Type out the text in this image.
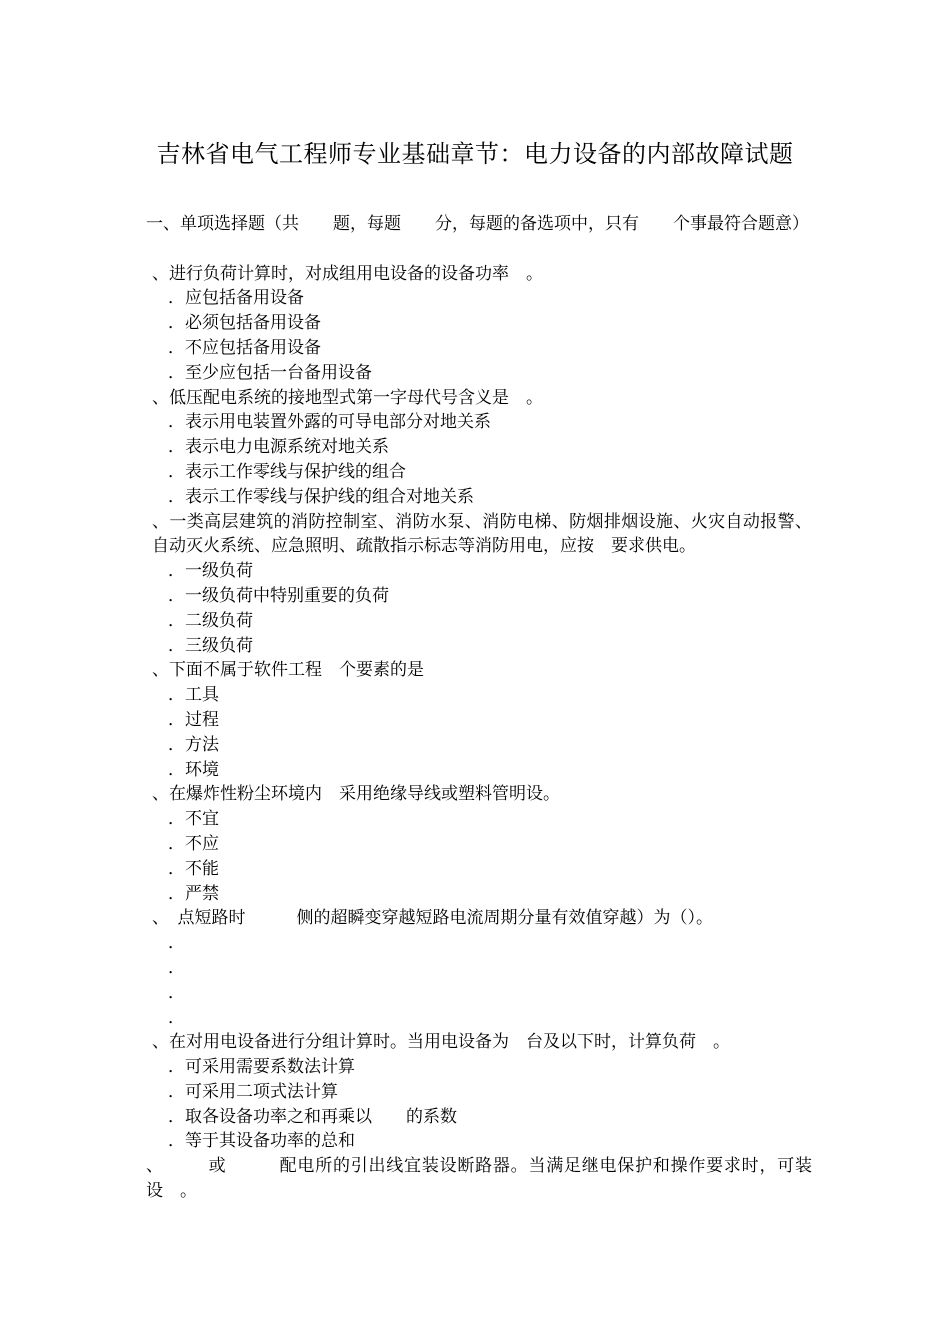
吉林省电气工程师专业基础章节：电力设备的内部故障试题
一、单项选择题（共　　题，每题　　分，每题的备选项中，只有　　个事最符合题意）
、进行负荷计算时，对成组用电设备的设备功率　。
．应包括备用设备
．必须包括备用设备
．不应包括备用设备
．至少应包括一台备用设备
、低压配电系统的接地型式第一字母代号含义是　。
．表示用电装置外露的可导电部分对地关系
．表示电力电源系统对地关系
．表示工作零线与保护线的组合
．表示工作零线与保护线的组合对地关系
、一类高层建筑的消防控制室、消防水泵、消防电梯、防烟排烟设施、火灾自动报警、自动灭火系统、应急照明、疏散指示标志等消防用电，应按　要求供电。
．一级负荷
．一级负荷中特别重要的负荷
．二级负荷
．三级负荷
、下面不属于软件工程　个要素的是
．工具
．过程
．方法
．环境
、在爆炸性粉尘环境内　采用绝缘导线或塑料管明设。
．不宜
．不应
．不能
．严禁
、　点短路时　　　侧的超瞬变穿越短路电流周期分量有效值穿越）为（）。
．
．
．
．
、在对用电设备进行分组计算时。当用电设备为　台及以下时，计算负荷　。
．可采用需要系数法计算
．可采用二项式法计算
．取各设备功率之和再乘以　　的系数
．等于其设备功率的总和
、　　　或　　　配电所的引出线宜装设断路器。当满足继电保护和操作要求时，可装设　。
